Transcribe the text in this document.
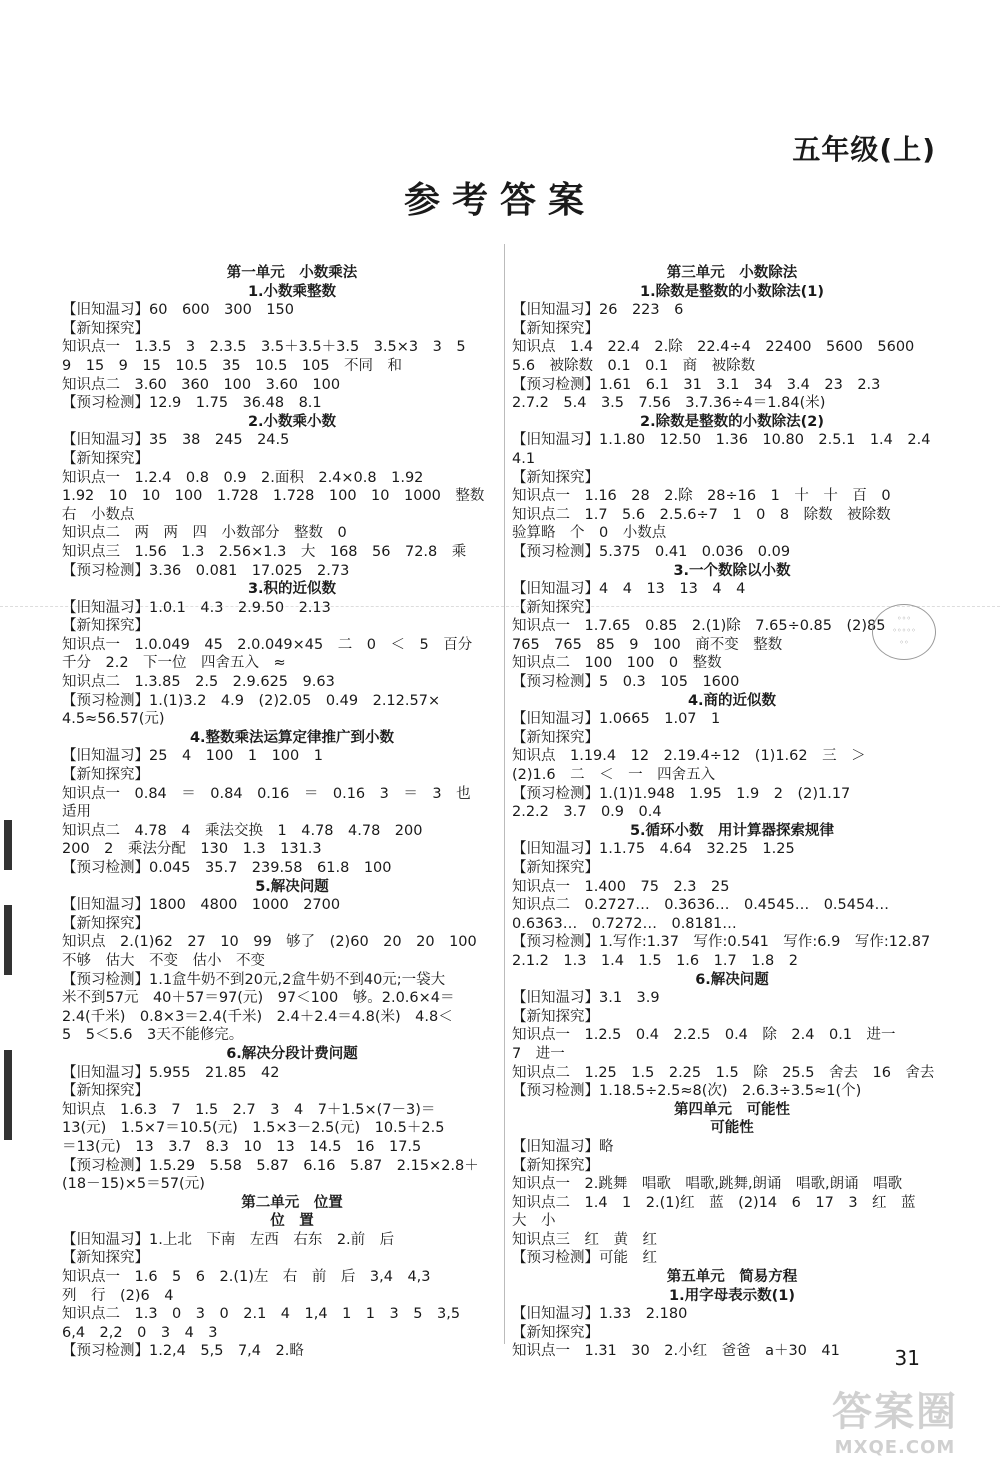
五年级(上)
参考答案
第一单元　小数乘法
1.小数乘整数
【旧知温习】60　600　300　150
【新知探究】
知识点一　1.3.5　3　2.3.5　3.5＋3.5＋3.5　3.5×3　3　5
9　15　9　15　10.5　35　10.5　105　不同　和
知识点二　3.60　360　100　3.60　100
【预习检测】12.9　1.75　36.48　8.1
2.小数乘小数
【旧知温习】35　38　245　24.5
【新知探究】
知识点一　1.2.4　0.8　0.9　2.面积　2.4×0.8　1.92
1.92　10　10　100　1.728　1.728　100　10　1000　整数
右　小数点
知识点二　两　两　四　小数部分　整数　0
知识点三　1.56　1.3　2.56×1.3　大　168　56　72.8　乘
【预习检测】3.36　0.081　17.025　2.73
3.积的近似数
【旧知温习】1.0.1　4.3　2.9.50　2.13
【新知探究】
知识点一　1.0.049　45　2.0.049×45　二　0　＜　5　百分
千分　2.2　下一位　四舍五入　≈
知识点二　1.3.85　2.5　2.9.625　9.63
【预习检测】1.(1)3.2　4.9　(2)2.05　0.49　2.12.57×
4.5≈56.57(元)
4.整数乘法运算定律推广到小数
【旧知温习】25　4　100　1　100　1
【新知探究】
知识点一　0.84　＝　0.84　0.16　＝　0.16　3　＝　3　也
适用
知识点二　4.78　4　乘法交换　1　4.78　4.78　200
200　2　乘法分配　130　1.3　131.3
【预习检测】0.045　35.7　239.58　61.8　100
5.解决问题
【旧知温习】1800　4800　1000　2700
【新知探究】
知识点　2.(1)62　27　10　99　够了　(2)60　20　20　100
不够　估大　不变　估小　不变
【预习检测】1.1盒牛奶不到20元,2盒牛奶不到40元;一袋大
米不到57元　40＋57＝97(元)　97＜100　够。2.0.6×4＝
2.4(千米)　0.8×3＝2.4(千米)　2.4＋2.4＝4.8(米)　4.8＜
5　5＜5.6　3天不能修完。
6.解决分段计费问题
【旧知温习】5.955　21.85　42
【新知探究】
知识点　1.6.3　7　1.5　2.7　3　4　7＋1.5×(7－3)＝
13(元)　1.5×7＝10.5(元)　1.5×3－2.5(元)　10.5＋2.5
＝13(元)　13　3.7　8.3　10　13　14.5　16　17.5
【预习检测】1.5.29　5.58　5.87　6.16　5.87　2.15×2.8＋
(18－15)×5＝57(元)
第二单元　位置
位　置
【旧知温习】1.上北　下南　左西　右东　2.前　后
【新知探究】
知识点一　1.6　5　6　2.(1)左　右　前　后　3,4　4,3
列　行　(2)6　4
知识点二　1.3　0　3　0　2.1　4　1,4　1　1　3　5　3,5
6,4　2,2　0　3　4　3
【预习检测】1.2,4　5,5　7,4　2.略
第三单元　小数除法
1.除数是整数的小数除法(1)
【旧知温习】26　223　6
【新知探究】
知识点　1.4　22.4　2.除　22.4÷4　22400　5600　5600
5.6　被除数　0.1　0.1　商　被除数
【预习检测】1.61　6.1　31　3.1　34　3.4　23　2.3
2.7.2　5.4　3.5　7.56　3.7.36÷4＝1.84(米)
2.除数是整数的小数除法(2)
【旧知温习】1.1.80　12.50　1.36　10.80　2.5.1　1.4　2.4
4.1
【新知探究】
知识点一　1.16　28　2.除　28÷16　1　十　十　百　0
知识点二　1.7　5.6　2.5.6÷7　1　0　8　除数　被除数
验算略　个　0　小数点
【预习检测】5.375　0.41　0.036　0.09
3.一个数除以小数
【旧知温习】4　4　13　13　4　4
【新知探究】
知识点一　1.7.65　0.85　2.(1)除　7.65÷0.85　(2)85
765　765　85　9　100　商不变　整数
知识点二　100　100　0　整数
【预习检测】5　0.3　105　1600
4.商的近似数
【旧知温习】1.0665　1.07　1
【新知探究】
知识点　1.19.4　12　2.19.4÷12　(1)1.62　三　＞
(2)1.6　二　＜　一　四舍五入
【预习检测】1.(1)1.948　1.95　1.9　2　(2)1.17
2.2.2　3.7　0.9　0.4
5.循环小数　用计算器探索规律
【旧知温习】1.1.75　4.64　32.25　1.25
【新知探究】
知识点一　1.400　75　2.3　25
知识点二　0.2727…　0.3636…　0.4545…　0.5454…
0.6363…　0.7272…　0.8181…
【预习检测】1.写作:1.37　写作:0.541　写作:6.9　写作:12.87
2.1.2　1.3　1.4　1.5　1.6　1.7　1.8　2
6.解决问题
【旧知温习】3.1　3.9
【新知探究】
知识点一　1.2.5　0.4　2.2.5　0.4　除　2.4　0.1　进一
7　进一
知识点二　1.25　1.5　2.25　1.5　除　25.5　舍去　16　舍去
【预习检测】1.18.5÷2.5≈8(次)　2.6.3÷3.5≈1(个)
第四单元　可能性
可能性
【旧知温习】略
【新知探究】
知识点一　2.跳舞　唱歌　唱歌,跳舞,朗诵　唱歌,朗诵　唱歌
知识点二　1.4　1　2.(1)红　蓝　(2)14　6　17　3　红　蓝
大　小
知识点三　红　黄　红
【预习检测】可能　红
第五单元　简易方程
1.用字母表示数(1)
【旧知温习】1.33　2.180
【新知探究】
知识点一　1.31　30　2.小红　爸爸　a＋30　41
◦◦◦
◦◦◦◦◦
◦◦
31
答案圈
MXQE.COM
